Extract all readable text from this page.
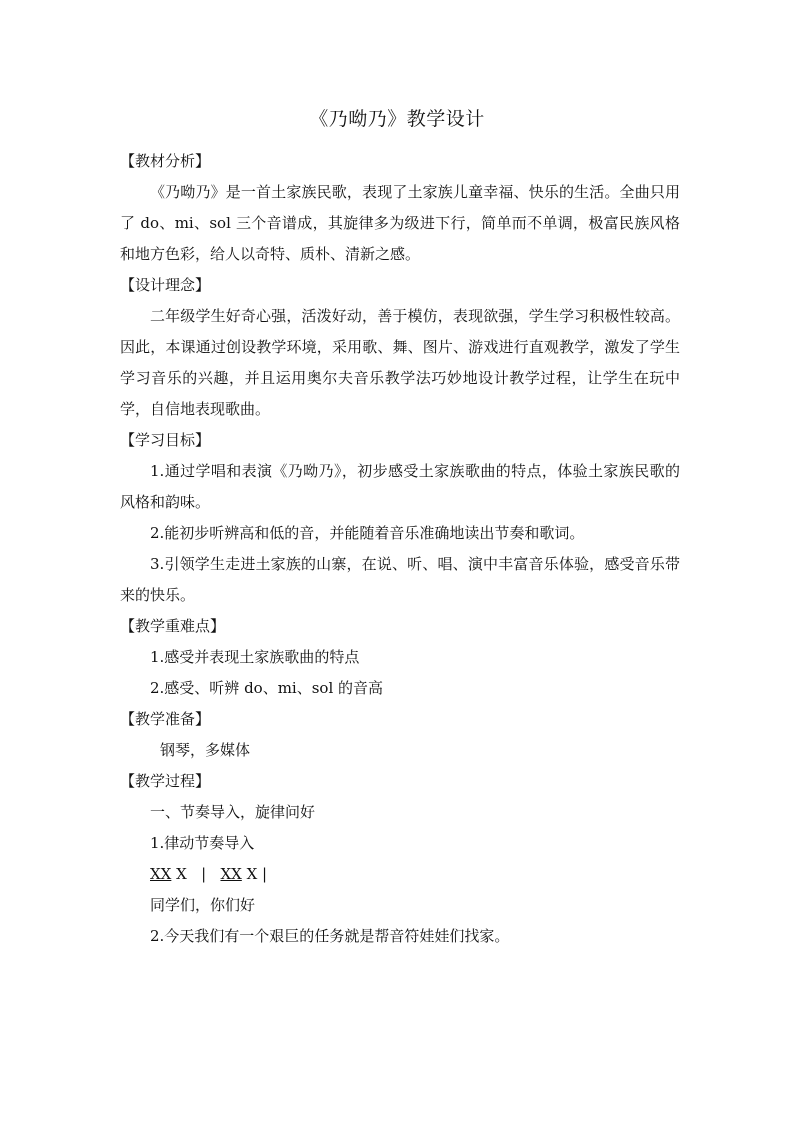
《乃呦乃》教学设计

【教材分析】

《乃呦乃》是一首土家族民歌，表现了土家族儿童幸福、快乐的生活。全曲只用了 do、mi、sol 三个音谱成，其旋律多为级进下行，简单而不单调，极富民族风格和地方色彩，给人以奇特、质朴、清新之感。

【设计理念】

二年级学生好奇心强，活泼好动，善于模仿，表现欲强，学生学习积极性较高。因此，本课通过创设教学环境，采用歌、舞、图片、游戏进行直观教学，激发了学生学习音乐的兴趣，并且运用奥尔夫音乐教学法巧妙地设计教学过程，让学生在玩中学，自信地表现歌曲。

【学习目标】

1.通过学唱和表演《乃呦乃》，初步感受土家族歌曲的特点，体验土家族民歌的风格和韵味。

2.能初步听辨高和低的音，并能随着音乐准确地读出节奏和歌词。

3.引领学生走进土家族的山寨，在说、听、唱、演中丰富音乐体验，感受音乐带来的快乐。

【教学重难点】

1.感受并表现土家族歌曲的特点

2.感受、听辨 do、mi、sol 的音高

【教学准备】

钢琴，多媒体

【教学过程】

一、节奏导入，旋律问好

1.律动节奏导入

XX X   |   XX X |

同学们，你们好

2.今天我们有一个艰巨的任务就是帮音符娃娃们找家。
